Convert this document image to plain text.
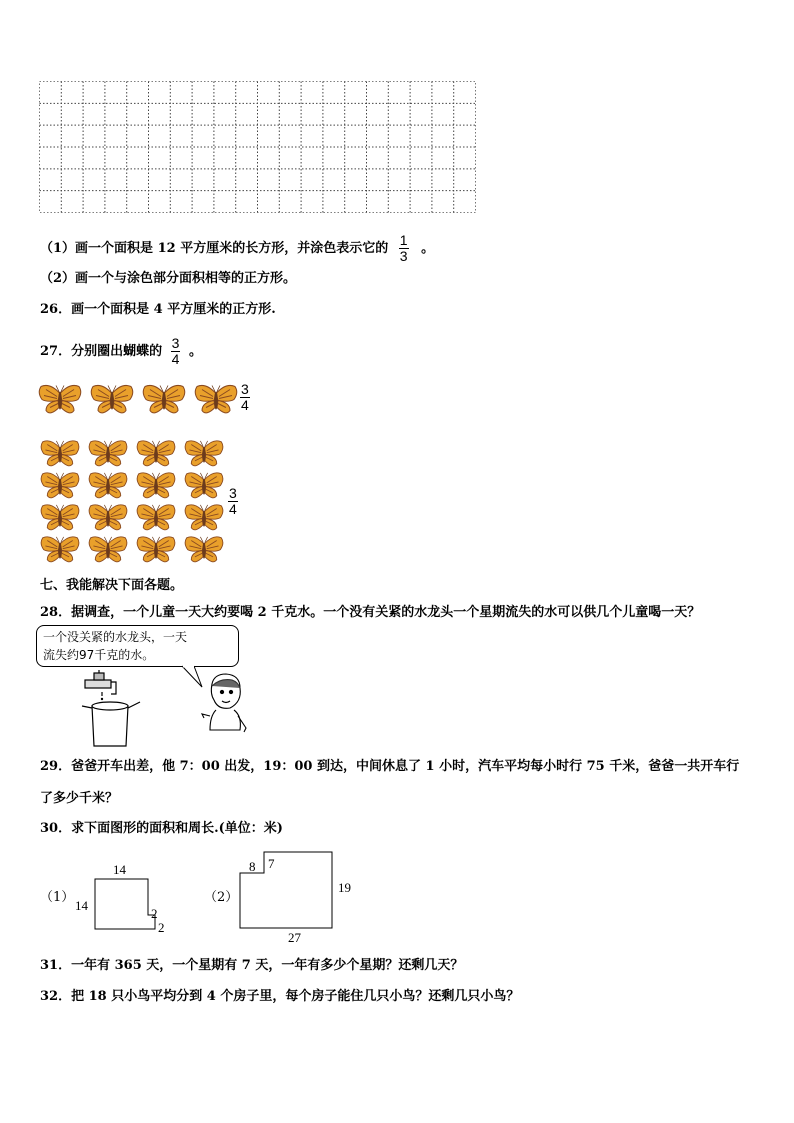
（1）画一个面积是 12 平方厘米的长方形，并涂色表示它的 $\frac{1}{3}$ 。
（2）画一个与涂色部分面积相等的正方形。
26．画一个面积是 4 平方厘米的正方形.
27．分别圈出蝴蝶的 $\frac{3}{4}$ 。
$\frac{3}{4}$
$\frac{3}{4}$
七、我能解决下面各题。
28．据调查，一个儿童一天大约要喝 2 千克水。一个没有关紧的水龙头一个星期流失的水可以供几个儿童喝一天？
一个没关紧的水龙头，一天
流失约97千克的水。
29．爸爸开车出差，他 7：00 出发，19：00 到达，中间休息了 1 小时，汽车平均每小时行 75 千米，爸爸一共开车行
了多少千米？
30．求下面图形的面积和周长.(单位：米)
（1）
14
14
2
2
（2）
8 7
19
27
31．一年有 365 天，一个星期有 7 天，一年有多少个星期？还剩几天？
32．把 18 只小鸟平均分到 4 个房子里，每个房子能住几只小鸟？还剩几只小鸟？
